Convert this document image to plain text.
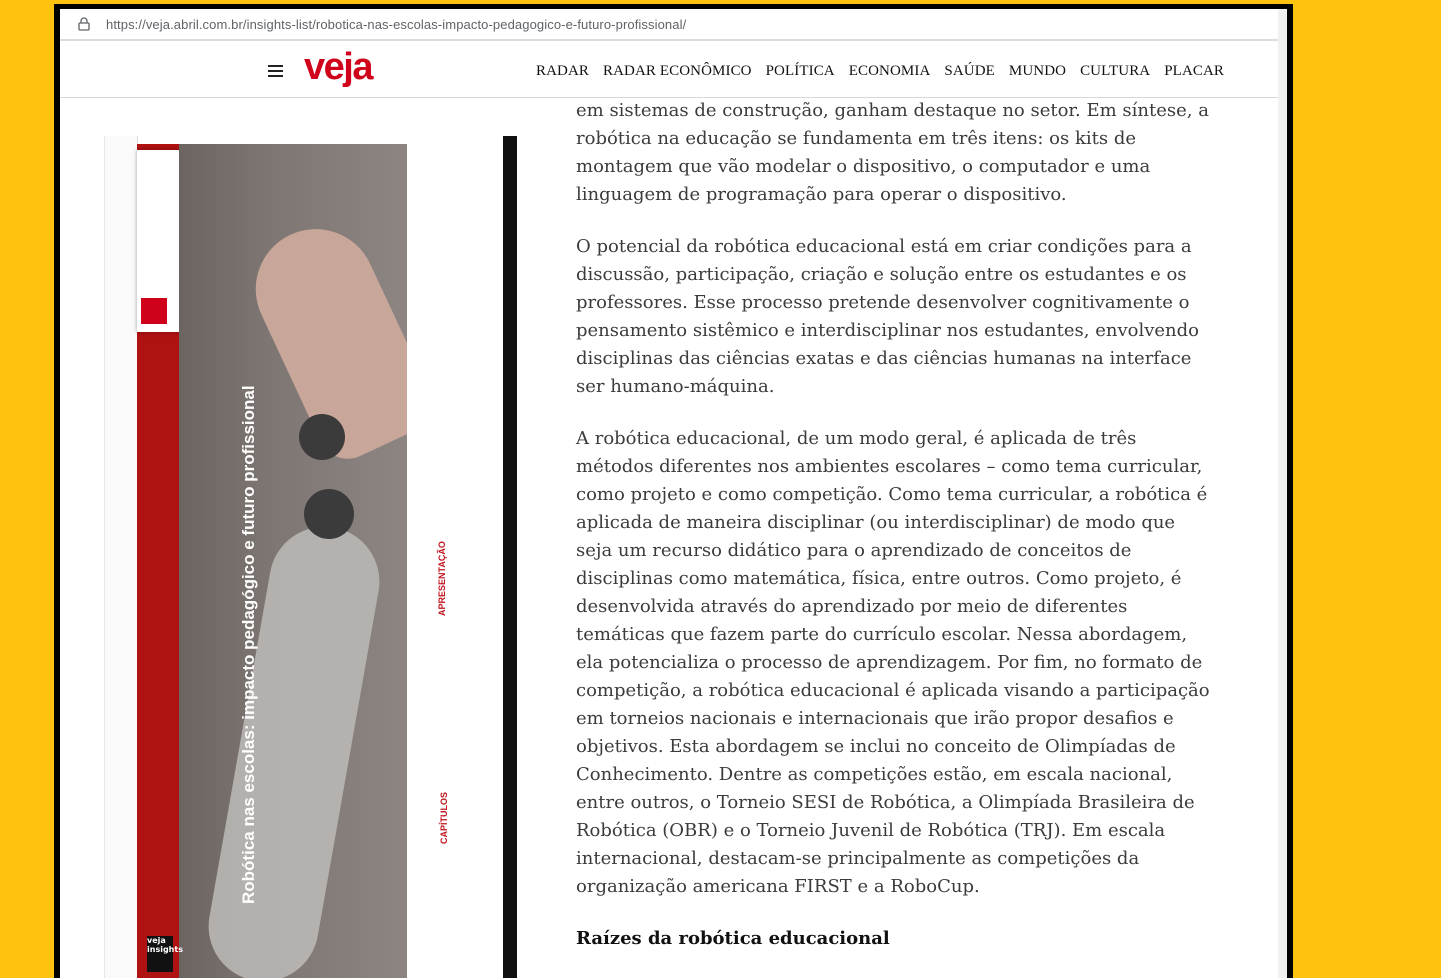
https://veja.abril.com.br/insights-list/robotica-nas-escolas-impacto-pedagogico-e-futuro-profissional/
veja	RADAR RADAR ECONÔMICO POLÍTICA ECONOMIA SAÚDE MUNDO CULTURA PLACAR
Robótica nas escolas: impacto pedagógico e futuro profissional	APRESENTAÇÃO
CAPÍTULOS
veja insights

em sistemas de construção, ganham destaque no setor. Em síntese, a robótica na educação se fundamenta em três itens: os kits de montagem que vão modelar o dispositivo, o computador e uma linguagem de programação para operar o dispositivo.

O potencial da robótica educacional está em criar condições para a discussão, participação, criação e solução entre os estudantes e os professores. Esse processo pretende desenvolver cognitivamente o pensamento sistêmico e interdisciplinar nos estudantes, envolvendo disciplinas das ciências exatas e das ciências humanas na interface ser humano-máquina.

A robótica educacional, de um modo geral, é aplicada de três métodos diferentes nos ambientes escolares – como tema curricular, como projeto e como competição. Como tema curricular, a robótica é aplicada de maneira disciplinar (ou interdisciplinar) de modo que seja um recurso didático para o aprendizado de conceitos de disciplinas como matemática, física, entre outros. Como projeto, é desenvolvida através do aprendizado por meio de diferentes temáticas que fazem parte do currículo escolar. Nessa abordagem, ela potencializa o processo de aprendizagem. Por fim, no formato de competição, a robótica educacional é aplicada visando a participação em torneios nacionais e internacionais que irão propor desafios e objetivos. Esta abordagem se inclui no conceito de Olimpíadas de Conhecimento. Dentre as competições estão, em escala nacional, entre outros, o Torneio SESI de Robótica, a Olimpíada Brasileira de Robótica (OBR) e o Torneio Juvenil de Robótica (TRJ). Em escala internacional, destacam-se principalmente as competições da organização americana FIRST e a RoboCup.

Raízes da robótica educacional
